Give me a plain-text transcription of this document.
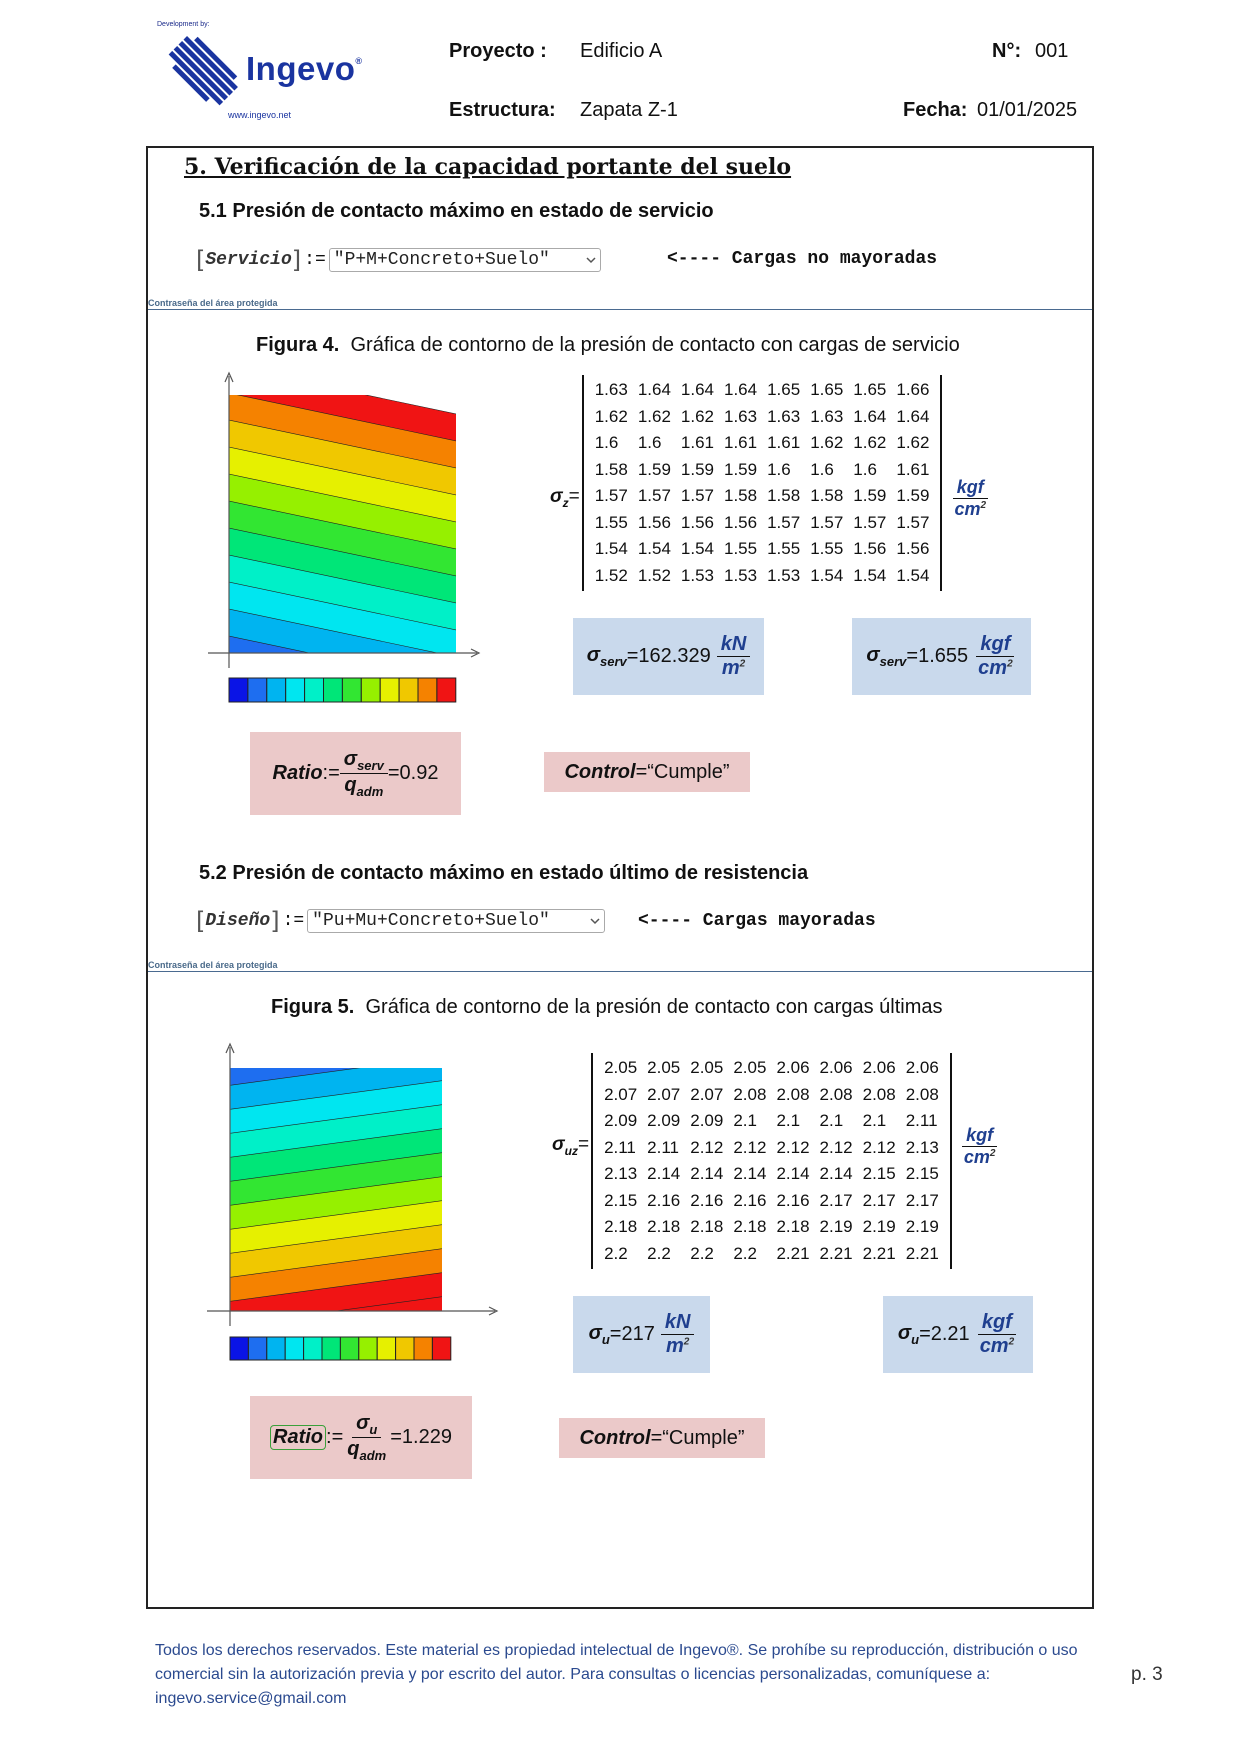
Development by:
Ingevo®
www.ingevo.net
Proyecto : Edificio A	N°: 001
Estructura: Zapata Z-1	Fecha: 01/01/2025
5. Verificación de la capacidad portante del suelo
5.1 Presión de contacto máximo en estado de servicio
[ Servicio ] := "P+M+Concreto+Suelo"	<---- Cargas no mayoradas
Contraseña del área protegida
Figura 4. Gráfica de contorno de la presión de contacto con cargas de servicio
$\sigma_z=$
1.63	1.64	1.64	1.64	1.65	1.65	1.65	1.66
1.62	1.62	1.62	1.63	1.63	1.63	1.64	1.64
1.6	1.6	1.61	1.61	1.61	1.62	1.62	1.62
1.58	1.59	1.59	1.59	1.6	1.6	1.6	1.61
1.57	1.57	1.57	1.58	1.58	1.58	1.59	1.59
1.55	1.56	1.56	1.56	1.57	1.57	1.57	1.57
1.54	1.54	1.54	1.55	1.55	1.55	1.56	1.56
1.52	1.52	1.53	1.53	1.53	1.54	1.54	1.54
$\frac{\text{kgf}}{cm^2}$
$\sigma_{serv} = 162.329 \frac{kN}{m^2}$	$\sigma_{serv} = 1.655 \frac{\text{kgf}}{cm^2}$
Ratio := $\frac{\sigma_{serv}}{q_{adm}} = 0.92$	Control = “Cumple”
5.2 Presión de contacto máximo en estado último de resistencia
[ Diseño ] := "Pu+Mu+Concreto+Suelo"	<---- Cargas mayoradas
Contraseña del área protegida
Figura 5. Gráfica de contorno de la presión de contacto con cargas últimas
$\sigma_{uz}=$
2.05	2.05	2.05	2.05	2.06	2.06	2.06	2.06
2.07	2.07	2.07	2.08	2.08	2.08	2.08	2.08
2.09	2.09	2.09	2.1	2.1	2.1	2.1	2.11
2.11	2.11	2.12	2.12	2.12	2.12	2.12	2.13
2.13	2.14	2.14	2.14	2.14	2.14	2.15	2.15
2.15	2.16	2.16	2.16	2.16	2.17	2.17	2.17
2.18	2.18	2.18	2.18	2.18	2.19	2.19	2.19
2.2	2.2	2.2	2.2	2.21	2.21	2.21	2.21
$\frac{\text{kgf}}{cm^2}$
$\sigma_u = 217 \frac{kN}{m^2}$	$\sigma_u = 2.21 \frac{\text{kgf}}{cm^2}$
Ratio := $\frac{\sigma_u}{q_{adm}} = 1.229$	Control = “Cumple”
Todos los derechos reservados. Este material es propiedad intelectual de Ingevo®. Se prohíbe su reproducción, distribución o uso comercial sin la autorización previa y por escrito del autor. Para consultas o licencias personalizadas, comuníquese a: ingevo.service@gmail.com
p. 3
